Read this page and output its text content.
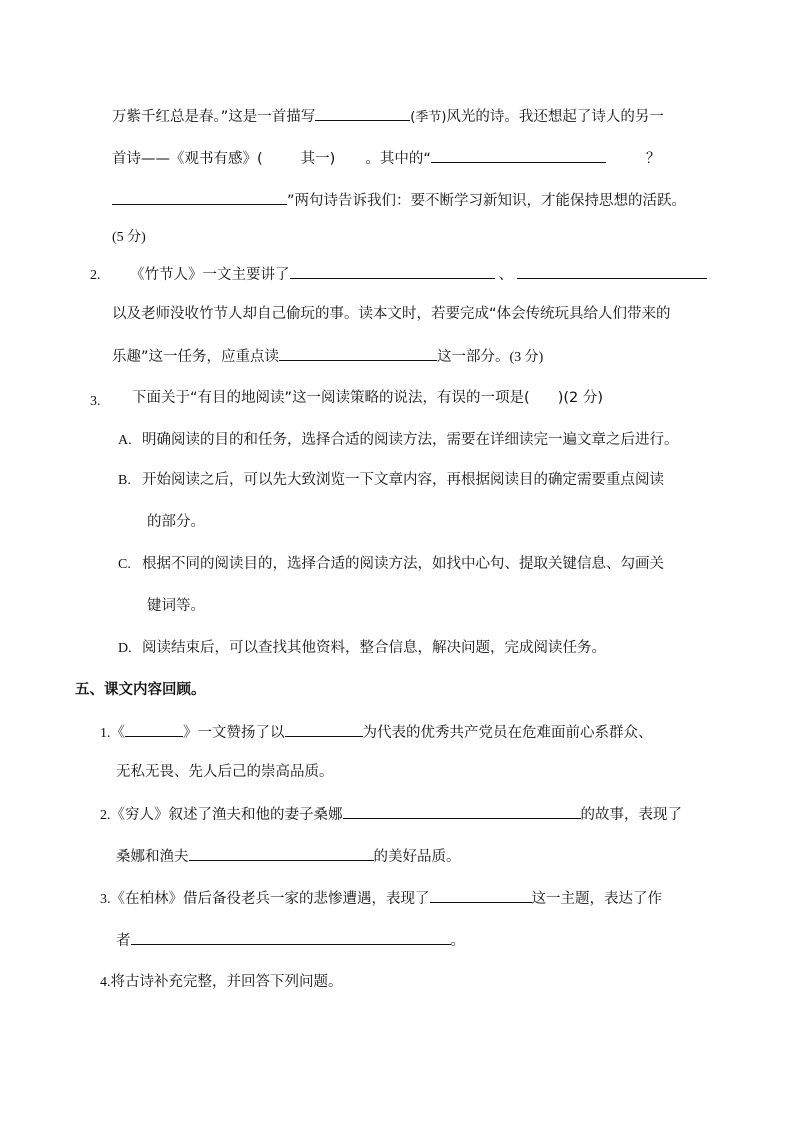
万紫千红总是春。”这是一首描写	(季节)风光的诗。我还想起了诗人的另一
首诗——《观书有感》(	其一) 。其中的“	？
”两句诗告诉我们：要不断学习新知识，才能保持思想的活跃。
(5 分)
2. 《竹节人》一文主要讲了	、
以及老师没收竹节人却自己偷玩的事。读本文时，若要完成“体会传统玩具给人们带来的
乐趣”这一任务，应重点读	这一部分。(3 分)
3. 下面关于“有目的地阅读”这一阅读策略的说法，有误的一项是( )(2 分)
A. 明确阅读的目的和任务，选择合适的阅读方法，需要在详细读完一遍文章之后进行。
B. 开始阅读之后，可以先大致浏览一下文章内容，再根据阅读目的确定需要重点阅读
的部分。
C. 根据不同的阅读目的，选择合适的阅读方法，如找中心句、提取关键信息、勾画关
键词等。
D. 阅读结束后，可以查找其他资料，整合信息，解决问题，完成阅读任务。
五、课文内容回顾。
1.《	》一文赞扬了以	为代表的优秀共产党员在危难面前心系群众、
无私无畏、先人后己的崇高品质。
2.《穷人》叙述了渔夫和他的妻子桑娜	的故事，表现了
桑娜和渔夫	的美好品质。
3.《在柏林》借后备役老兵一家的悲惨遭遇，表现了	这一主题，表达了作
者	。
4.将古诗补充完整，并回答下列问题。
